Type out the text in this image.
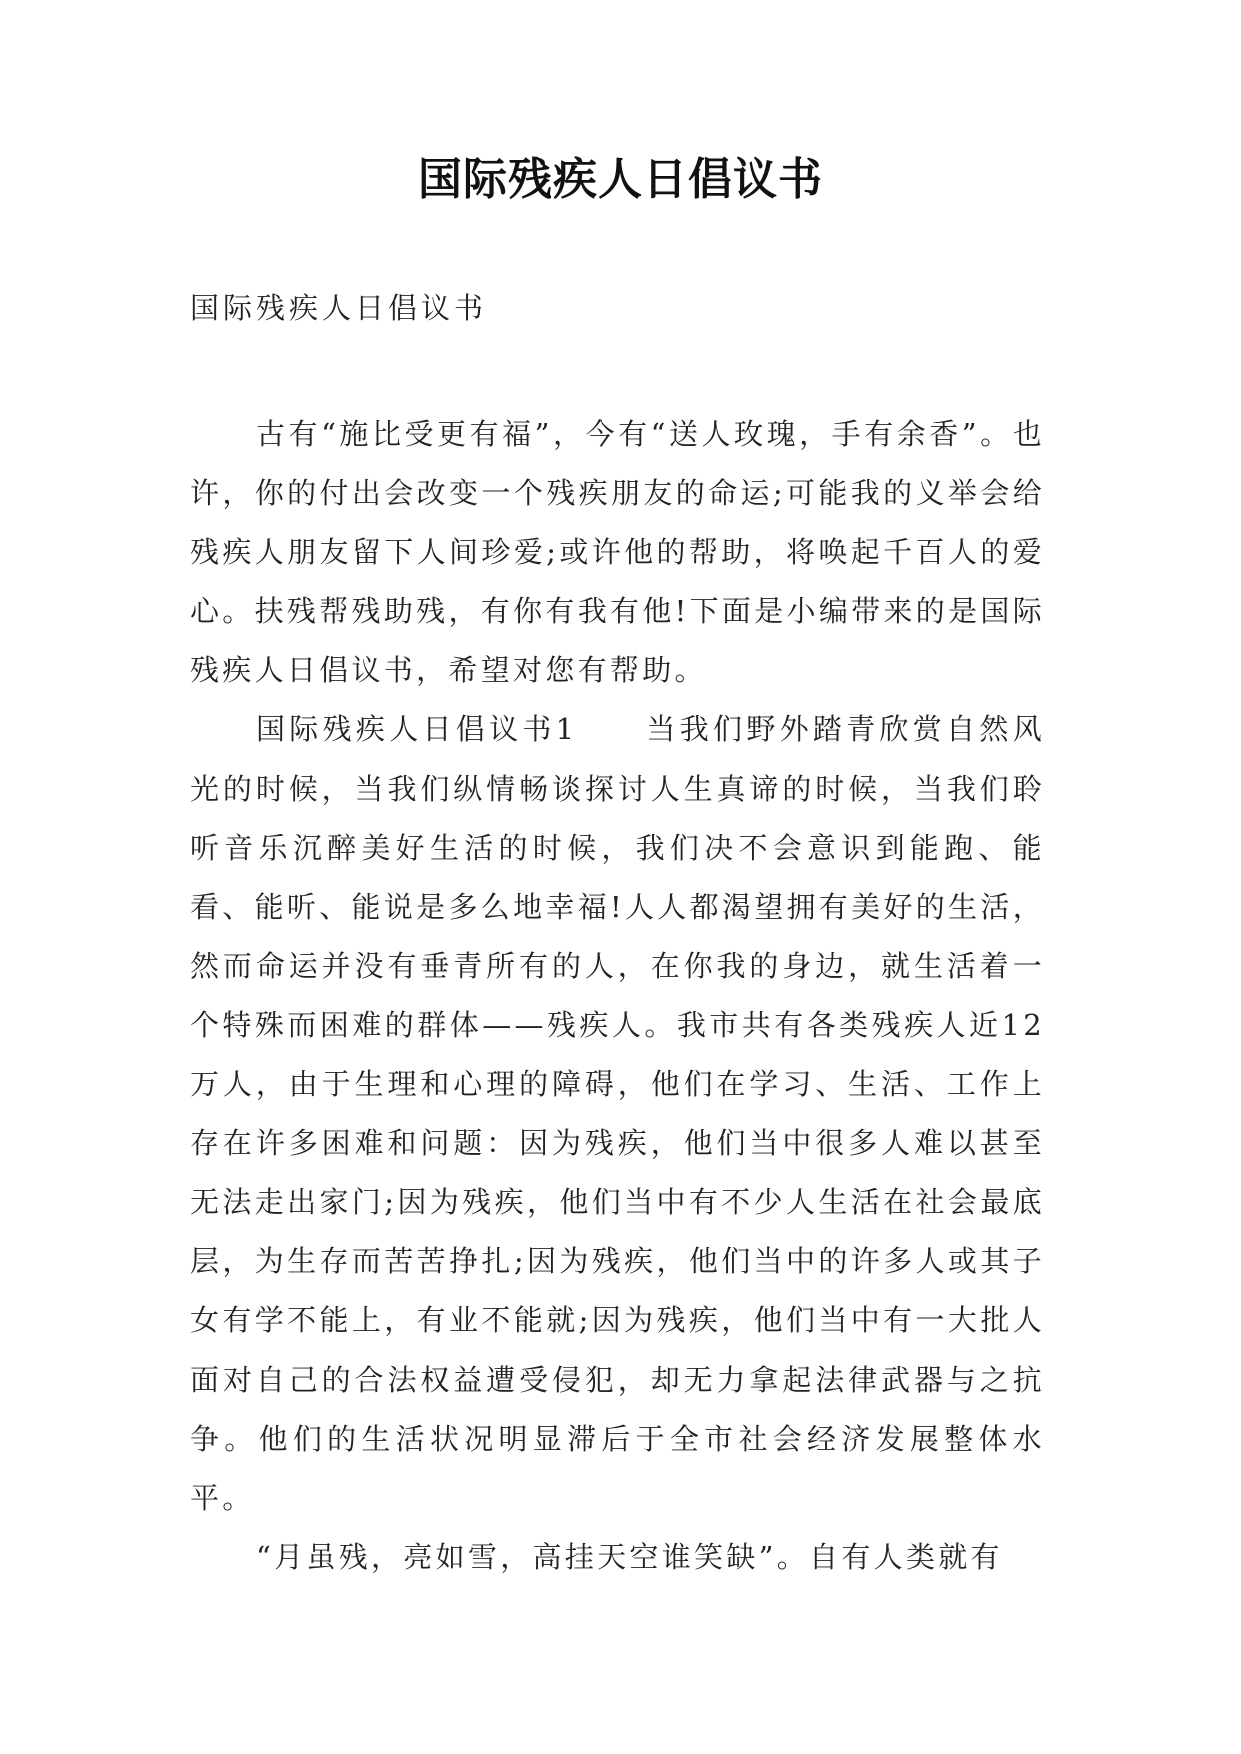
国际残疾人日倡议书

国际残疾人日倡议书

古有“施比受更有福”，今有“送人玫瑰，手有余香”。也许，你的付出会改变一个残疾朋友的命运;可能我的义举会给残疾人朋友留下人间珍爱;或许他的帮助，将唤起千百人的爱心。扶残帮残助残，有你有我有他!下面是小编带来的是国际残疾人日倡议书，希望对您有帮助。

国际残疾人日倡议书1 当我们野外踏青欣赏自然风光的时候，当我们纵情畅谈探讨人生真谛的时候，当我们聆听音乐沉醉美好生活的时候，我们决不会意识到能跑、能看、能听、能说是多么地幸福!人人都渴望拥有美好的生活，然而命运并没有垂青所有的人，在你我的身边，就生活着一个特殊而困难的群体——残疾人。我市共有各类残疾人近12万人，由于生理和心理的障碍，他们在学习、生活、工作上存在许多困难和问题：因为残疾，他们当中很多人难以甚至无法走出家门;因为残疾，他们当中有不少人生活在社会最底层，为生存而苦苦挣扎;因为残疾，他们当中的许多人或其子女有学不能上，有业不能就;因为残疾，他们当中有一大批人面对自己的合法权益遭受侵犯，却无力拿起法律武器与之抗争。他们的生活状况明显滞后于全市社会经济发展整体水平。

“月虽残，亮如雪，高挂天空谁笑缺”。自有人类就有
